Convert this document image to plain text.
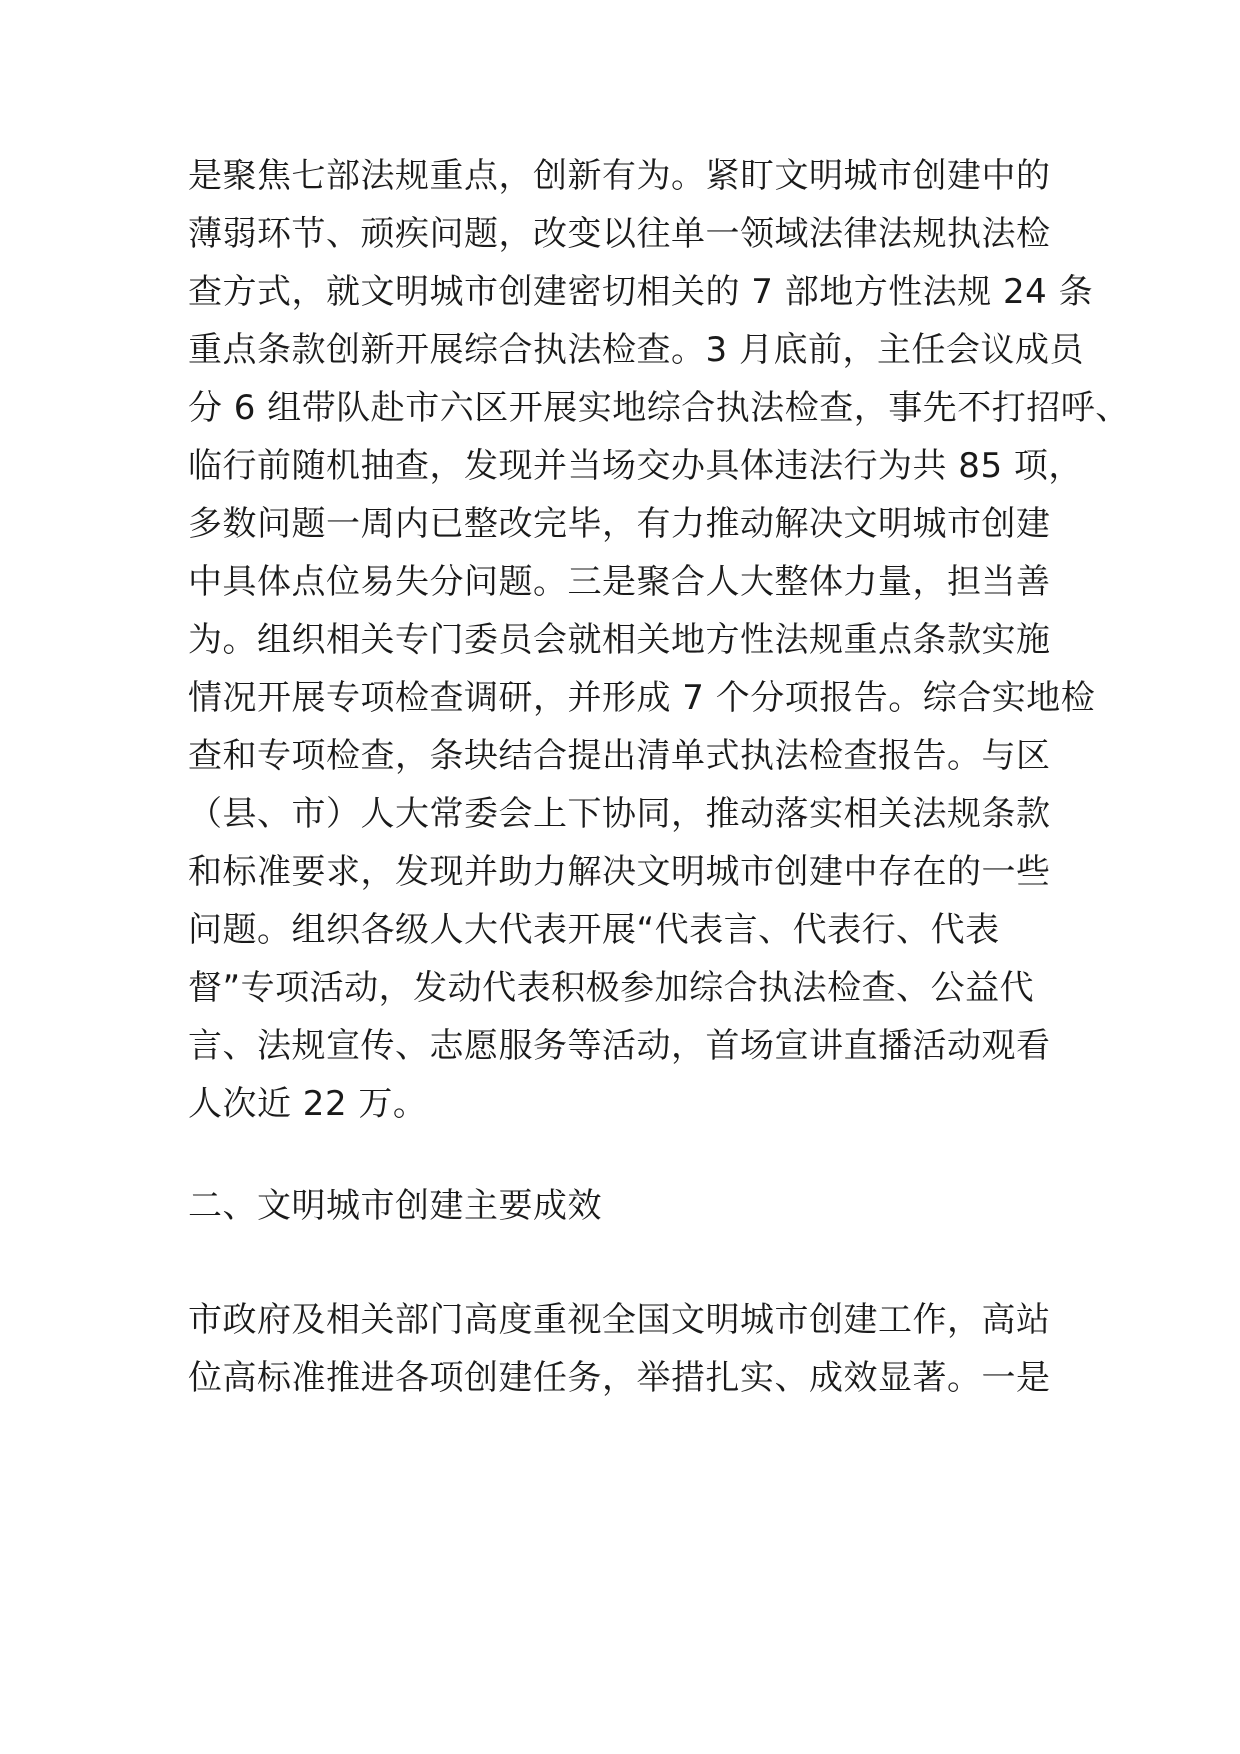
是聚焦七部法规重点，创新有为。紧盯文明城市创建中的
薄弱环节、顽疾问题，改变以往单一领域法律法规执法检
查方式，就文明城市创建密切相关的 7 部地方性法规 24 条
重点条款创新开展综合执法检查。3 月底前，主任会议成员
分 6 组带队赴市六区开展实地综合执法检查，事先不打招呼、
临行前随机抽查，发现并当场交办具体违法行为共 85 项，
多数问题一周内已整改完毕，有力推动解决文明城市创建
中具体点位易失分问题。三是聚合人大整体力量，担当善
为。组织相关专门委员会就相关地方性法规重点条款实施
情况开展专项检查调研，并形成 7 个分项报告。综合实地检
查和专项检查，条块结合提出清单式执法检查报告。与区
（县、市）人大常委会上下协同，推动落实相关法规条款
和标准要求，发现并助力解决文明城市创建中存在的一些
问题。组织各级人大代表开展“代表言、代表行、代表
督”专项活动，发动代表积极参加综合执法检查、公益代
言、法规宣传、志愿服务等活动，首场宣讲直播活动观看
人次近 22 万。
二、文明城市创建主要成效
市政府及相关部门高度重视全国文明城市创建工作，高站
位高标准推进各项创建任务，举措扎实、成效显著。一是
